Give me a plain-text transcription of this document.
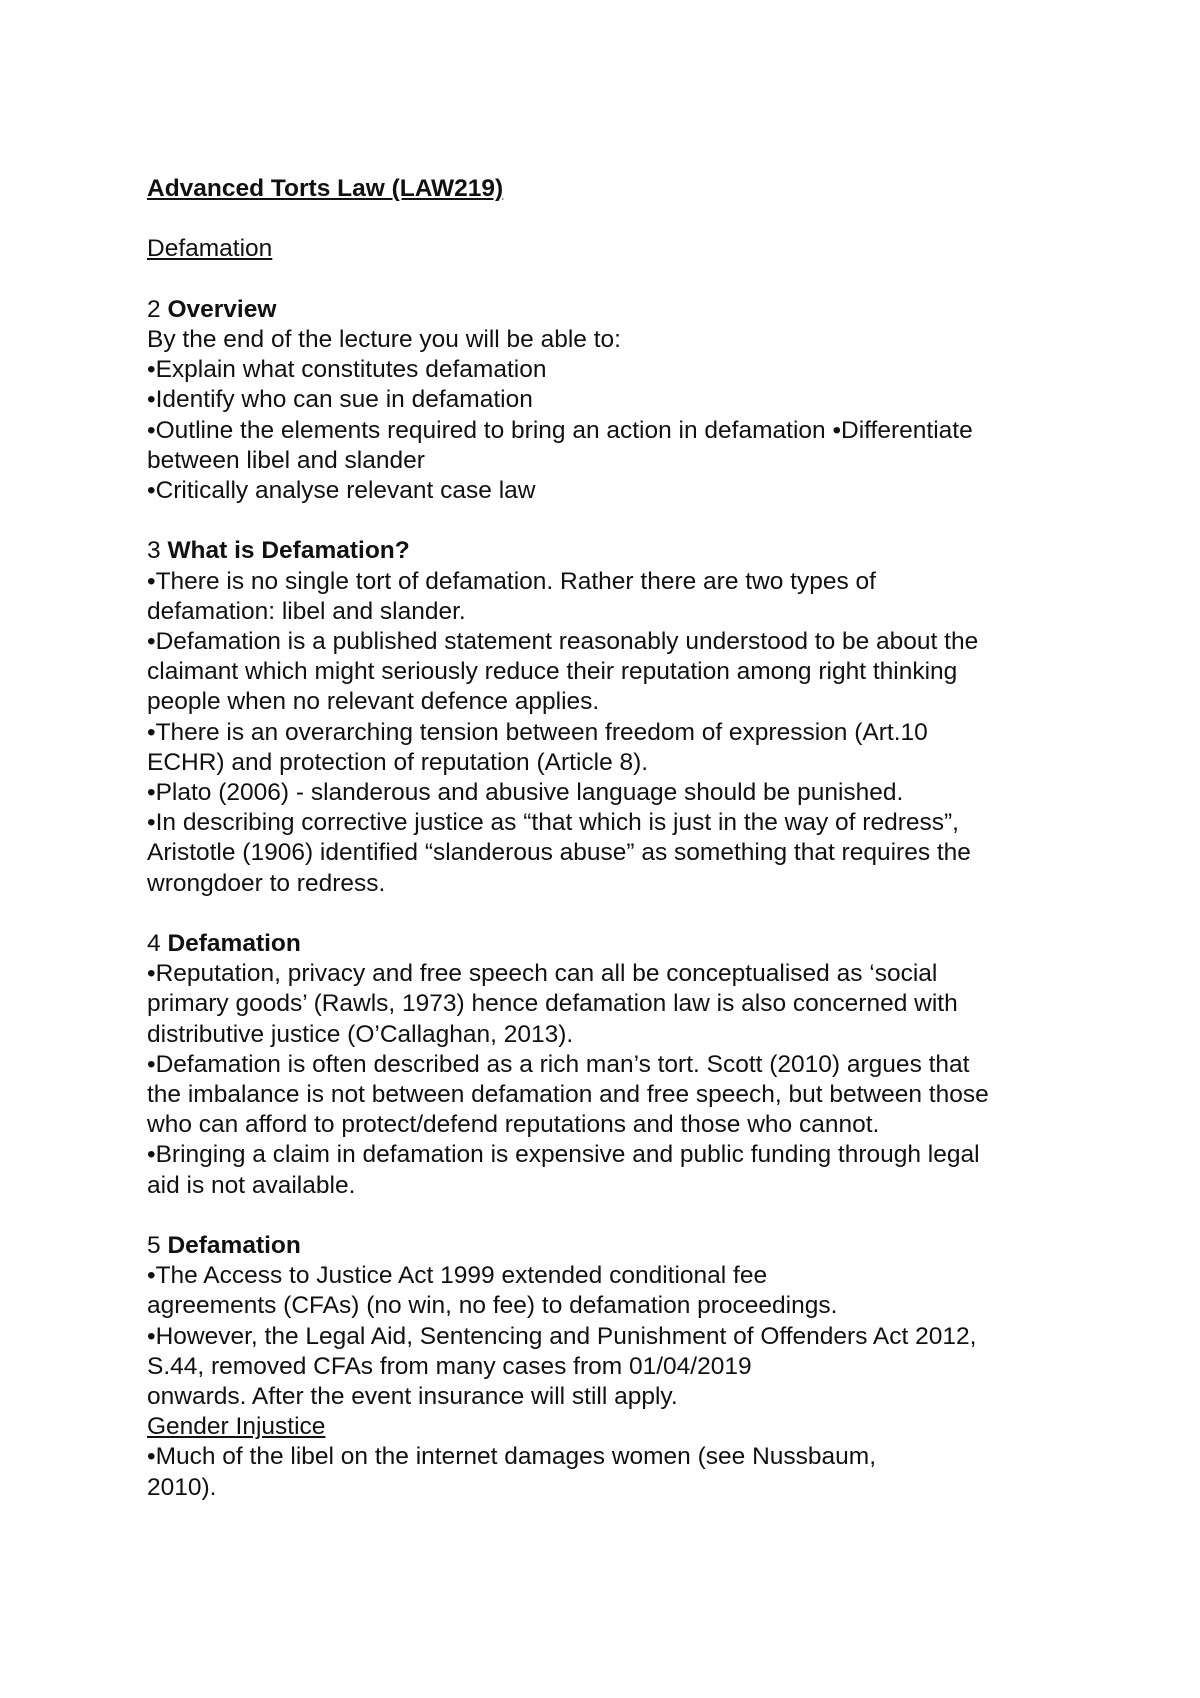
Advanced Torts Law (LAW219)
Defamation
2 Overview
By the end of the lecture you will be able to:
•Explain what constitutes defamation
•Identify who can sue in defamation
•Outline the elements required to bring an action in defamation •Differentiate
between libel and slander
•Critically analyse relevant case law
3 What is Defamation?
•There is no single tort of defamation. Rather there are two types of
defamation: libel and slander.
•Defamation is a published statement reasonably understood to be about the
claimant which might seriously reduce their reputation among right thinking
people when no relevant defence applies.
•There is an overarching tension between freedom of expression (Art.10
ECHR) and protection of reputation (Article 8).
•Plato (2006) - slanderous and abusive language should be punished.
•In describing corrective justice as “that which is just in the way of redress”,
Aristotle (1906) identified “slanderous abuse” as something that requires the
wrongdoer to redress.
4 Defamation
•Reputation, privacy and free speech can all be conceptualised as ‘social
primary goods’ (Rawls, 1973) hence defamation law is also concerned with
distributive justice (O’Callaghan, 2013).
•Defamation is often described as a rich man’s tort. Scott (2010) argues that
the imbalance is not between defamation and free speech, but between those
who can afford to protect/defend reputations and those who cannot.
•Bringing a claim in defamation is expensive and public funding through legal
aid is not available.
5 Defamation
•The Access to Justice Act 1999 extended conditional fee
agreements (CFAs) (no win, no fee) to defamation proceedings.
•However, the Legal Aid, Sentencing and Punishment of Offenders Act 2012,
S.44, removed CFAs from many cases from 01/04/2019
onwards. After the event insurance will still apply.
Gender Injustice
•Much of the libel on the internet damages women (see Nussbaum,
2010).
